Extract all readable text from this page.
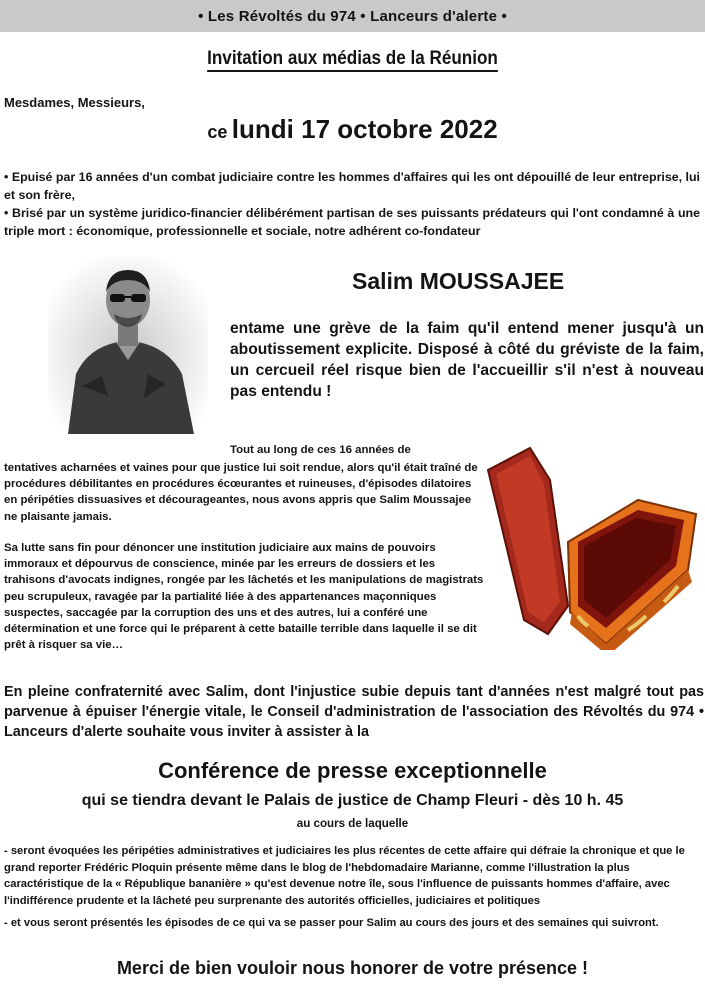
• Les Révoltés du 974 • Lanceurs d'alerte •
Invitation aux médias de la Réunion
Mesdames, Messieurs,
ce lundi 17 octobre 2022

• Epuisé par 16 années d'un combat judiciaire contre les hommes d'affaires qui les ont dépouillé de leur entreprise, lui et son frère,

• Brisé par un système juridico-financier délibérément partisan de ses puissants prédateurs qui l'ont condamné à une triple mort : économique, professionnelle et sociale, notre adhérent co-fondateur

Salim MOUSSAJEE
entame une grève de la faim qu'il entend mener jusqu'à un aboutissement explicite. Disposé à côté du gréviste de la faim, un cercueil réel risque bien de l'accueillir s'il n'est à nouveau pas entendu !
Tout au long de ces 16 années de
tentatives acharnées et vaines pour que justice lui soit rendue, alors qu'il était traîné de procédures débilitantes en procédures écœurantes et ruineuses, d'épisodes dilatoires en péripéties dissuasives et décourageantes, nous avons appris que Salim Moussajee ne plaisante jamais.
Sa lutte sans fin pour dénoncer une institution judiciaire aux mains de pouvoirs immoraux et dépourvus de conscience, minée par les erreurs de dossiers et les trahisons d'avocats indignes, rongée par les lâchetés et les manipulations de magistrats peu scrupuleux, ravagée par la partialité liée à des appartenances maçonniques suspectes, saccagée par la corruption des uns et des autres, lui a conféré une détermination et une force qui le préparent à cette bataille terrible dans laquelle il se dit prêt à risquer sa vie…
En pleine confraternité avec Salim, dont l'injustice subie depuis tant d'années n'est malgré tout pas parvenue à épuiser l'énergie vitale, le Conseil d'administration de l'association des Révoltés du 974 • Lanceurs d'alerte souhaite vous inviter à assister à la
Conférence de presse exceptionnelle
qui se tiendra devant le Palais de justice de Champ Fleuri - dès 10 h. 45
au cours de laquelle

- seront évoquées les péripéties administratives et judiciaires les plus récentes de cette affaire qui défraie la chronique et que le grand reporter Frédéric Ploquin présente même dans le blog de l'hebdomadaire Marianne, comme l'illustration la plus caractéristique de la « République bananière » qu'est devenue notre île, sous l'influence de puissants hommes d'affaire, avec l'indifférence prudente et la lâcheté peu surprenante des autorités officielles, judiciaires et politiques

- et vous seront présentés les épisodes de ce qui va se passer pour Salim au cours des jours et des semaines qui suivront.

Merci de bien vouloir nous honorer de votre présence !
